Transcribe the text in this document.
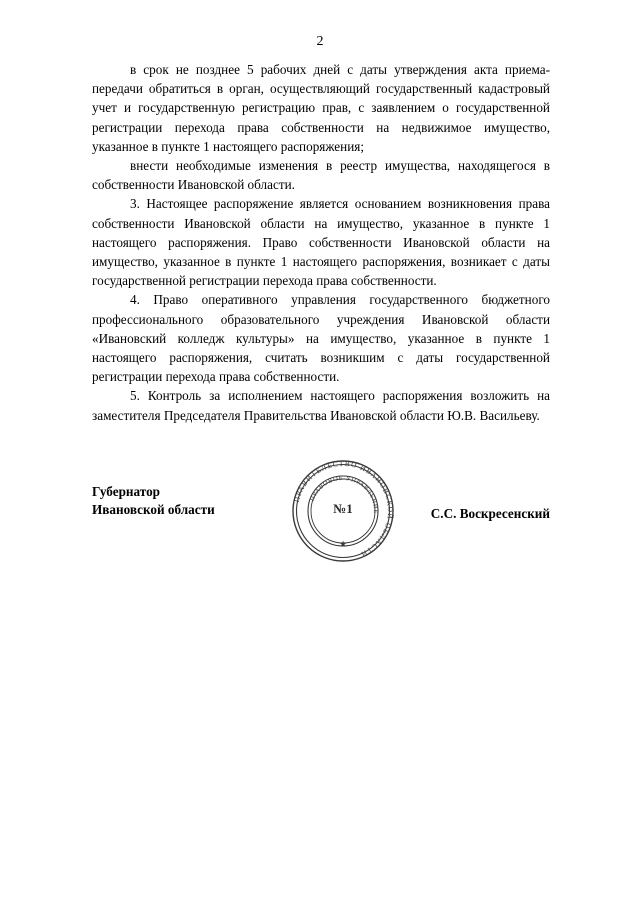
2

в срок не позднее 5 рабочих дней с даты утверждения акта приема-передачи обратиться в орган, осуществляющий государственный кадастровый учет и государственную регистрацию прав, с заявлением о государственной регистрации перехода права собственности на недвижимое имущество, указанное в пункте 1 настоящего распоряжения;

внести необходимые изменения в реестр имущества, находящегося в собственности Ивановской области.

3. Настоящее распоряжение является основанием возникновения права собственности Ивановской области на имущество, указанное в пункте 1 настоящего распоряжения. Право собственности Ивановской области на имущество, указанное в пункте 1 настоящего распоряжения, возникает с даты государственной регистрации перехода права собственности.

4. Право оперативного управления государственного бюджетного профессионального образовательного учреждения Ивановской области «Ивановский колледж культуры» на имущество, указанное в пункте 1 настоящего распоряжения, считать возникшим с даты государственной регистрации перехода права собственности.

5. Контроль за исполнением настоящего распоряжения возложить на заместителя Председателя Правительства Ивановской области Ю.В. Васильеву.

Губернатор
Ивановской области	С.С. Воскресенский
ПРАВИТЕЛЬСТВО ИВАНОВСКОЙ ОБЛАСТИ
ПРАВОВОЕ УПРАВЛЕНИЕ
★
№1
